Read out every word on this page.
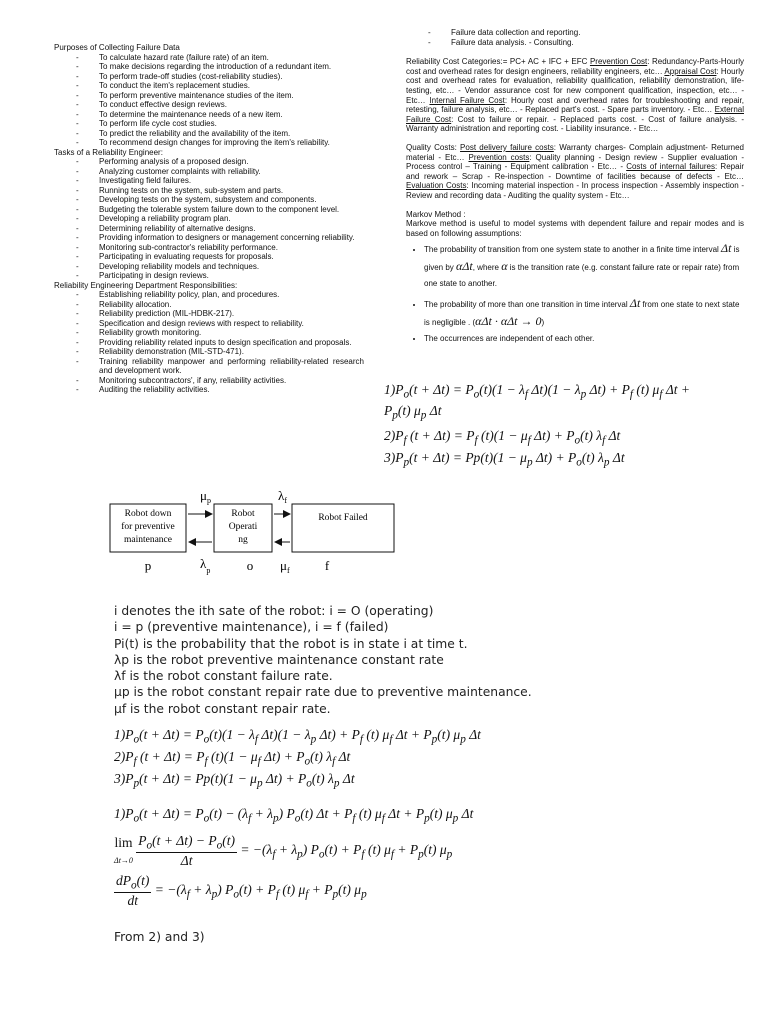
Purposes of Collecting Failure Data

- To calculate hazard rate (failure rate) of an item.
- To make decisions regarding the introduction of a redundant item.
- To perform trade-off studies (cost-reliability studies).
- To conduct the item's replacement studies.
- To perform preventive maintenance studies of the item.
- To conduct effective design reviews.
- To determine the maintenance needs of a new item.
- To perform life cycle cost studies.
- To predict the reliability and the availability of the item.
- To recommend design changes for improving the item's reliability.

Tasks of a Reliability Engineer:

- Performing analysis of a proposed design.
- Analyzing customer complaints with reliability.
- Investigating field failures.
- Running tests on the system, sub-system and parts.
- Developing tests on the system, subsystem and components.
- Budgeting the tolerable system failure down to the component level.
- Developing a reliability program plan.
- Determining reliability of alternative designs.
- Providing information to designers or management concerning reliability.
- Monitoring sub-contractor's reliability performance.
- Participating in evaluating requests for proposals.
- Developing reliability models and techniques.
- Participating in design reviews.

Reliability Engineering Department Responsibilities:

- Establishing reliability policy, plan, and procedures.
- Reliability allocation.
- Reliability prediction (MIL-HDBK-217).
- Specification and design reviews with respect to reliability.
- Reliability growth monitoring.
- Providing reliability related inputs to design specification and proposals.
- Reliability demonstration (MIL-STD-471).
- Training reliability manpower and performing reliability-related research and development work.
- Monitoring subcontractors', if any, reliability activities.
- Auditing the reliability activities.
- Failure data collection and reporting.
- Failure data analysis. - Consulting.

Reliability Cost Categories:= PC+ AC + IFC + EFC Prevention Cost: Redundancy-Parts-Hourly cost and overhead rates for design engineers, reliability engineers, etc… Appraisal Cost: Hourly cost and overhead rates for evaluation, reliability qualification, reliability demonstration, life-testing, etc… - Vendor assurance cost for new component qualification, inspection, etc… - Etc… Internal Failure Cost: Hourly cost and overhead rates for troubleshooting and repair, retesting, failure analysis, etc… - Replaced part's cost. - Spare parts inventory. - Etc… External Failure Cost: Cost to failure or repair. - Replaced parts cost. - Cost of failure analysis. - Warranty administration and reporting cost. - Liability insurance. - Etc…

Quality Costs: Post delivery failure costs: Warranty charges- Complain adjustment- Returned material - Etc… Prevention costs: Quality planning - Design review - Supplier evaluation - Process control – Training - Equipment calibration - Etc… - Costs of internal failures: Repair and rework – Scrap - Re-inspection - Downtime of facilities because of defects - Etc… Evaluation Costs: Incoming material inspection - In process inspection - Assembly inspection - Review and recording data - Auditing the quality system - Etc…

Markov Method :

Markove method is useful to model systems with dependent failure and repair modes and is based on following assumptions:

• The probability of transition from one system state to another in a finite time interval Δt is given by αΔt, where α is the transition rate (e.g. constant failure rate or repair rate) from one state to another.
• The probability of more than one transition in time interval Δt from one state to next state is negligible . (αΔt · αΔt → 0)
• The occurrences are independent of each other.
$1)P_o(t + \Delta t) = P_o(t)(1 - \lambda_f$ $\Delta t)(1 - \lambda_p$ $\Delta t) + P_f$ (t) $\mu_f$ Δt +
$P_p(t)$ $\mu_p$ Δt
$2)P_f$ $(t + \Delta t) = P_f$ $(t)(1 - \mu_f$ $\Delta t) + P_o(t)$ $\lambda_f$ Δt
$3)P_p(t + \Delta t) = Pp(t)(1 - \mu_p$ $\Delta t) + P_o(t)$ $\lambda_p$ Δt
Robot down
for preventive
maintenance
Robot
Operati
ng
Robot Failed
$\mu_p$	$\lambda_f$
$\lambda_p$	$\mu_f$
p	o	f
i denotes the ith sate of the robot: i = O (operating)
i = p (preventive maintenance), i = f (failed)
Pi(t) is the probability that the robot is in state i at time t.
λp is the robot preventive maintenance constant rate
λf is the robot constant failure rate.
μp is the robot constant repair rate due to preventive maintenance.
μf is the robot constant repair rate.
$1)P_o(t + \Delta t) = P_o(t)(1 - \lambda_f$ $\Delta t)(1 - \lambda_p$ $\Delta t) + P_f$ (t) $\mu_f$ $\Delta t + P_p(t)$ $\mu_p$ Δt
$2)P_f$ $(t + \Delta t) = P_f$ $(t)(1 - \mu_f$ $\Delta t) + P_o(t)$ $\lambda_f$ Δt
$3)P_p(t + \Delta t) = Pp(t)(1 - \mu_p$ $\Delta t) + P_o(t)$ $\lambda_p$ Δt
$1)P_o(t + \Delta t) = P_o(t) - (\lambda_f + \lambda_p)$ $P_o(t) \Delta t + P_f$ (t) $\mu_f$ $\Delta t + P_p(t)$ $\mu_p$ Δt
lim
$\Delta t\to 0 \frac{P_o(t + \Delta t) - P_o(t)}{\Delta t} = -(\lambda_f + \lambda_p) P_o(t) + P_f$ (t) $\mu_f + P_p(t)$ $\mu_p$
$\frac{dP_o(t)}{dt} = -(\lambda_f + \lambda_p) P_o(t) + P_f$ (t) $\mu_f + P_p(t)$ $\mu_p$
From 2) and 3)
